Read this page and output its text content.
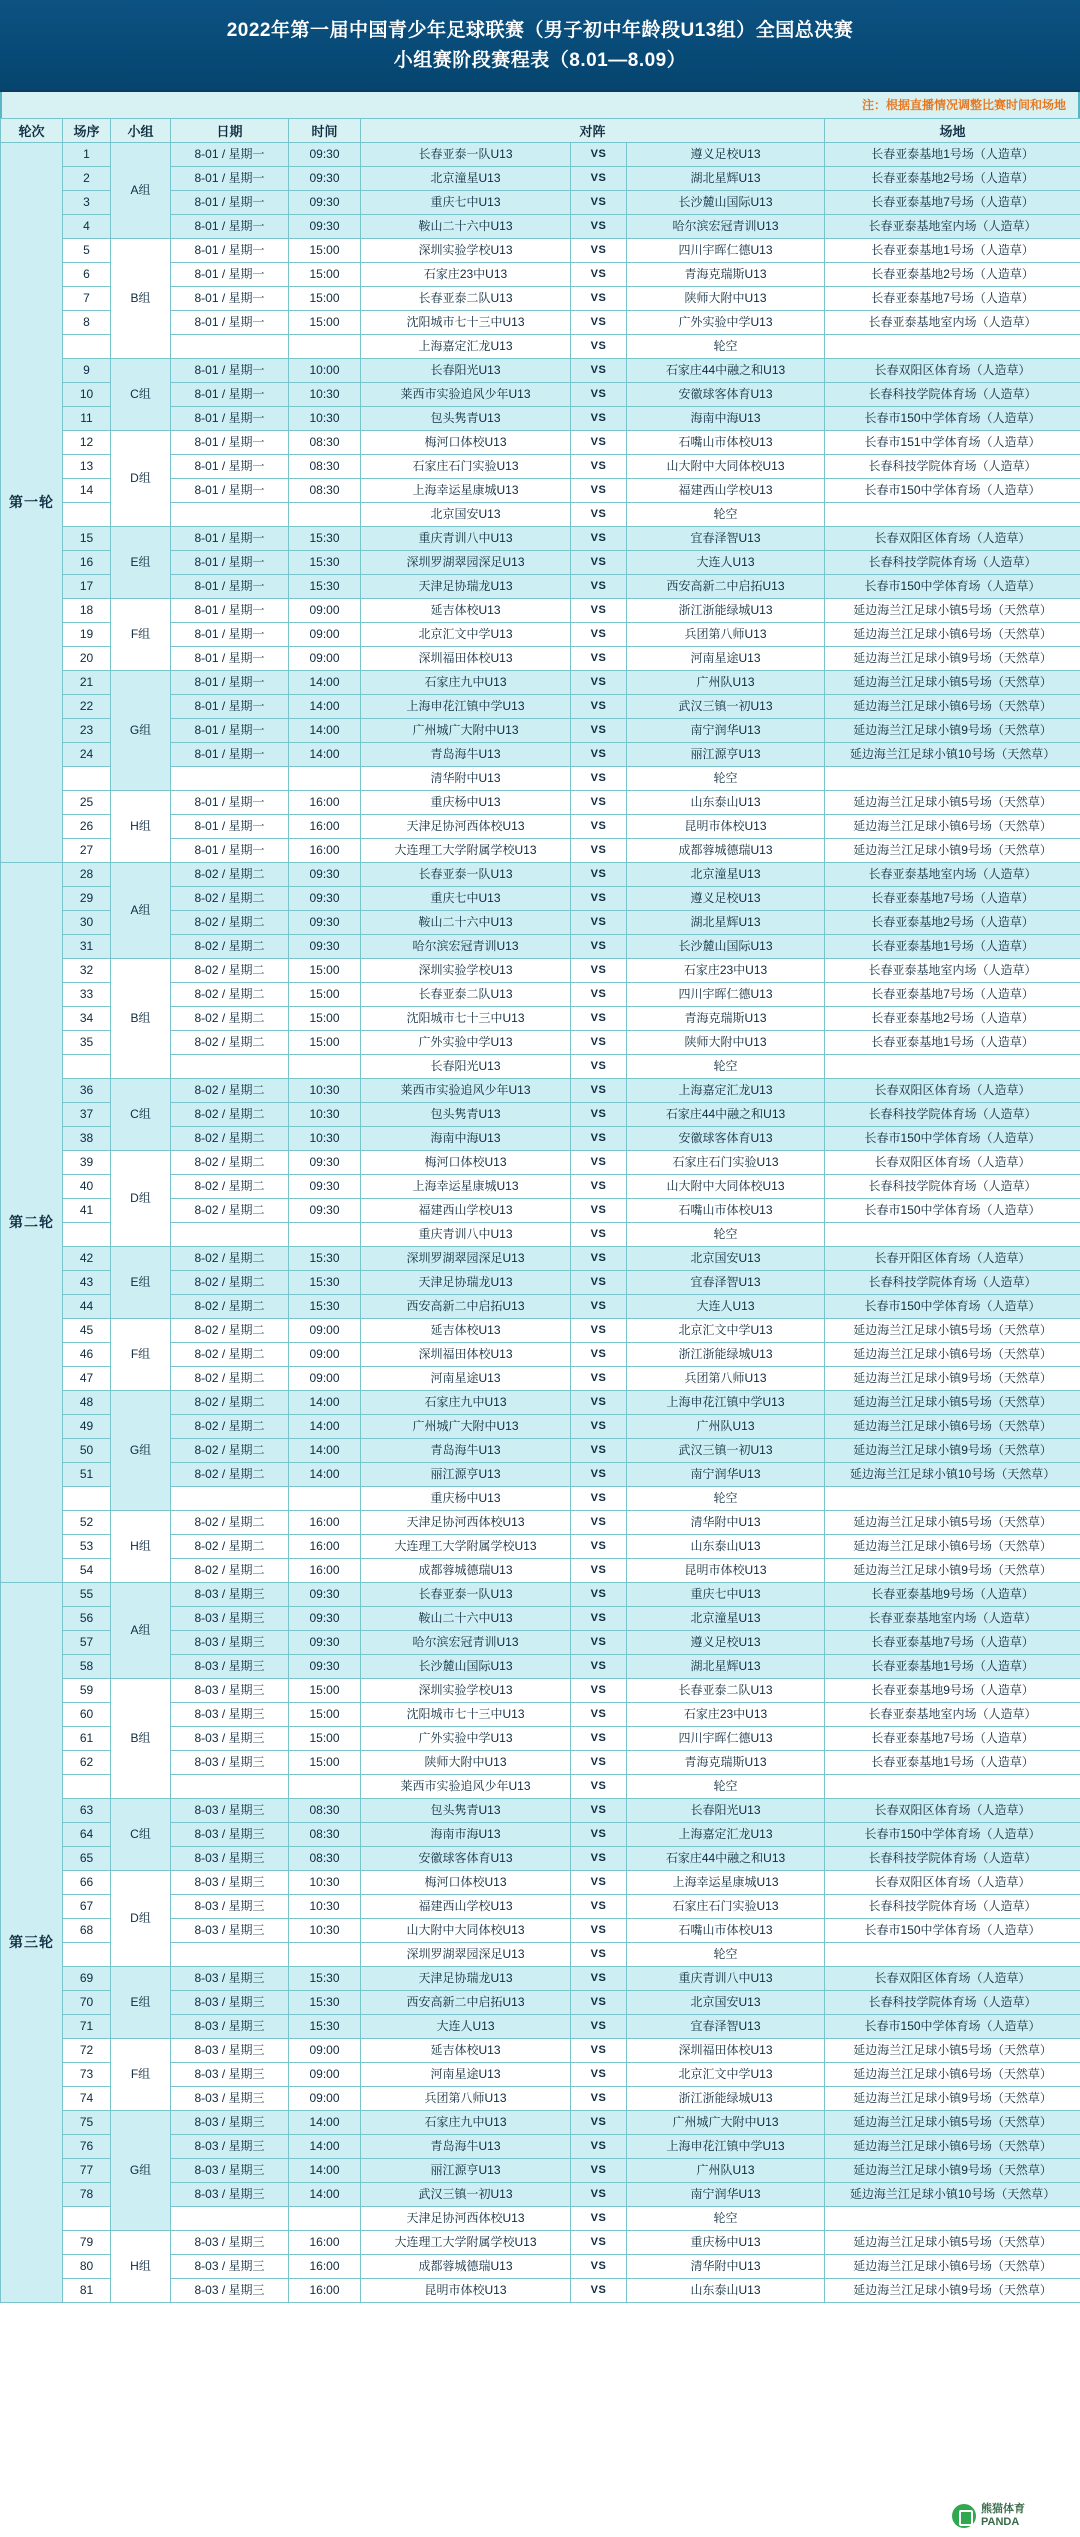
2022年第一届中国青少年足球联赛（男子初中年龄段U13组）全国总决赛
小组赛阶段赛程表（8.01—8.09）
注：根据直播情况调整比赛时间和场地
轮次	场序	小组	日期	时间	对阵			场地
第一轮	1	A组	8-01 / 星期一	09:30	长春亚泰一队U13	VS	遵义足校U13	长春亚泰基地1号场（人造草）
	2		8-01 / 星期一	09:30	北京潼星U13	VS	湖北星辉U13	长春亚泰基地2号场（人造草）
	3		8-01 / 星期一	09:30	重庆七中U13	VS	长沙麓山国际U13	长春亚泰基地7号场（人造草）
	4		8-01 / 星期一	09:30	鞍山二十六中U13	VS	哈尔滨宏冠青训U13	长春亚泰基地室内场（人造草）
	5	B组	8-01 / 星期一	15:00	深圳实验学校U13	VS	四川宇晖仁德U13	长春亚泰基地1号场（人造草）
	6		8-01 / 星期一	15:00	石家庄23中U13	VS	青海克瑞斯U13	长春亚泰基地2号场（人造草）
	7		8-01 / 星期一	15:00	长春亚泰二队U13	VS	陕师大附中U13	长春亚泰基地7号场（人造草）
	8		8-01 / 星期一	15:00	沈阳城市七十三中U13	VS	广外实验中学U13	长春亚泰基地室内场（人造草）
					上海嘉定汇龙U13	VS	轮空	
	9	C组	8-01 / 星期一	10:00	长春阳光U13	VS	石家庄44中融之和U13	长春双阳区体育场（人造草）
	10		8-01 / 星期一	10:30	莱西市实验追风少年U13	VS	安徽球客体育U13	长春科技学院体育场（人造草）
	11		8-01 / 星期一	10:30	包头隽青U13	VS	海南中海U13	长春市150中学体育场（人造草）
	12	D组	8-01 / 星期一	08:30	梅河口体校U13	VS	石嘴山市体校U13	长春市151中学体育场（人造草）
	13		8-01 / 星期一	08:30	石家庄石门实验U13	VS	山大附中大同体校U13	长春科技学院体育场（人造草）
	14		8-01 / 星期一	08:30	上海幸运星康城U13	VS	福建西山学校U13	长春市150中学体育场（人造草）
					北京国安U13	VS	轮空	
	15	E组	8-01 / 星期一	15:30	重庆青训八中U13	VS	宜春泽智U13	长春双阳区体育场（人造草）
	16		8-01 / 星期一	15:30	深圳罗湖翠园深足U13	VS	大连人U13	长春科技学院体育场（人造草）
	17		8-01 / 星期一	15:30	天津足协瑞龙U13	VS	西安高新二中启拓U13	长春市150中学体育场（人造草）
	18	F组	8-01 / 星期一	09:00	延吉体校U13	VS	浙江浙能绿城U13	延边海兰江足球小镇5号场（天然草）
	19		8-01 / 星期一	09:00	北京汇文中学U13	VS	兵团第八师U13	延边海兰江足球小镇6号场（天然草）
	20		8-01 / 星期一	09:00	深圳福田体校U13	VS	河南星途U13	延边海兰江足球小镇9号场（天然草）
	21	G组	8-01 / 星期一	14:00	石家庄九中U13	VS	广州队U13	延边海兰江足球小镇5号场（天然草）
	22		8-01 / 星期一	14:00	上海申花江镇中学U13	VS	武汉三镇一初U13	延边海兰江足球小镇6号场（天然草）
	23		8-01 / 星期一	14:00	广州城广大附中U13	VS	南宁润华U13	延边海兰江足球小镇9号场（天然草）
	24		8-01 / 星期一	14:00	青岛海牛U13	VS	丽江源亨U13	延边海兰江足球小镇10号场（天然草）
					清华附中U13	VS	轮空	
	25	H组	8-01 / 星期一	16:00	重庆杨中U13	VS	山东泰山U13	延边海兰江足球小镇5号场（天然草）
	26		8-01 / 星期一	16:00	天津足协河西体校U13	VS	昆明市体校U13	延边海兰江足球小镇6号场（天然草）
	27		8-01 / 星期一	16:00	大连理工大学附属学校U13	VS	成都蓉城德瑞U13	延边海兰江足球小镇9号场（天然草）
第二轮	28	A组	8-02 / 星期二	09:30	长春亚泰一队U13	VS	北京潼星U13	长春亚泰基地室内场（人造草）
	29		8-02 / 星期二	09:30	重庆七中U13	VS	遵义足校U13	长春亚泰基地7号场（人造草）
	30		8-02 / 星期二	09:30	鞍山二十六中U13	VS	湖北星辉U13	长春亚泰基地2号场（人造草）
	31		8-02 / 星期二	09:30	哈尔滨宏冠青训U13	VS	长沙麓山国际U13	长春亚泰基地1号场（人造草）
	32	B组	8-02 / 星期二	15:00	深圳实验学校U13	VS	石家庄23中U13	长春亚泰基地室内场（人造草）
	33		8-02 / 星期二	15:00	长春亚泰二队U13	VS	四川宇晖仁德U13	长春亚泰基地7号场（人造草）
	34		8-02 / 星期二	15:00	沈阳城市七十三中U13	VS	青海克瑞斯U13	长春亚泰基地2号场（人造草）
	35		8-02 / 星期二	15:00	广外实验中学U13	VS	陕师大附中U13	长春亚泰基地1号场（人造草）
					长春阳光U13	VS	轮空	
	36	C组	8-02 / 星期二	10:30	莱西市实验追风少年U13	VS	上海嘉定汇龙U13	长春双阳区体育场（人造草）
	37		8-02 / 星期二	10:30	包头隽青U13	VS	石家庄44中融之和U13	长春科技学院体育场（人造草）
	38		8-02 / 星期二	10:30	海南中海U13	VS	安徽球客体育U13	长春市150中学体育场（人造草）
	39	D组	8-02 / 星期二	09:30	梅河口体校U13	VS	石家庄石门实验U13	长春双阳区体育场（人造草）
	40		8-02 / 星期二	09:30	上海幸运星康城U13	VS	山大附中大同体校U13	长春科技学院体育场（人造草）
	41		8-02 / 星期二	09:30	福建西山学校U13	VS	石嘴山市体校U13	长春市150中学体育场（人造草）
					重庆青训八中U13	VS	轮空	
	42	E组	8-02 / 星期二	15:30	深圳罗湖翠园深足U13	VS	北京国安U13	长春开阳区体育场（人造草）
	43		8-02 / 星期二	15:30	天津足协瑞龙U13	VS	宜春泽智U13	长春科技学院体育场（人造草）
	44		8-02 / 星期二	15:30	西安高新二中启拓U13	VS	大连人U13	长春市150中学体育场（人造草）
	45	F组	8-02 / 星期二	09:00	延吉体校U13	VS	北京汇文中学U13	延边海兰江足球小镇5号场（天然草）
	46		8-02 / 星期二	09:00	深圳福田体校U13	VS	浙江浙能绿城U13	延边海兰江足球小镇6号场（天然草）
	47		8-02 / 星期二	09:00	河南星途U13	VS	兵团第八师U13	延边海兰江足球小镇9号场（天然草）
	48	G组	8-02 / 星期二	14:00	石家庄九中U13	VS	上海申花江镇中学U13	延边海兰江足球小镇5号场（天然草）
	49		8-02 / 星期二	14:00	广州城广大附中U13	VS	广州队U13	延边海兰江足球小镇6号场（天然草）
	50		8-02 / 星期二	14:00	青岛海牛U13	VS	武汉三镇一初U13	延边海兰江足球小镇9号场（天然草）
	51		8-02 / 星期二	14:00	丽江源亨U13	VS	南宁润华U13	延边海兰江足球小镇10号场（天然草）
					重庆杨中U13	VS	轮空	
	52	H组	8-02 / 星期二	16:00	天津足协河西体校U13	VS	清华附中U13	延边海兰江足球小镇5号场（天然草）
	53		8-02 / 星期二	16:00	大连理工大学附属学校U13	VS	山东泰山U13	延边海兰江足球小镇6号场（天然草）
	54		8-02 / 星期二	16:00	成都蓉城德瑞U13	VS	昆明市体校U13	延边海兰江足球小镇9号场（天然草）
第三轮	55	A组	8-03 / 星期三	09:30	长春亚泰一队U13	VS	重庆七中U13	长春亚泰基地9号场（人造草）
	56		8-03 / 星期三	09:30	鞍山二十六中U13	VS	北京潼星U13	长春亚泰基地室内场（人造草）
	57		8-03 / 星期三	09:30	哈尔滨宏冠青训U13	VS	遵义足校U13	长春亚泰基地7号场（人造草）
	58		8-03 / 星期三	09:30	长沙麓山国际U13	VS	湖北星辉U13	长春亚泰基地1号场（人造草）
	59	B组	8-03 / 星期三	15:00	深圳实验学校U13	VS	长春亚泰二队U13	长春亚泰基地9号场（人造草）
	60		8-03 / 星期三	15:00	沈阳城市七十三中U13	VS	石家庄23中U13	长春亚泰基地室内场（人造草）
	61		8-03 / 星期三	15:00	广外实验中学U13	VS	四川宇晖仁德U13	长春亚泰基地7号场（人造草）
	62		8-03 / 星期三	15:00	陕师大附中U13	VS	青海克瑞斯U13	长春亚泰基地1号场（人造草）
					莱西市实验追风少年U13	VS	轮空	
	63	C组	8-03 / 星期三	08:30	包头隽青U13	VS	长春阳光U13	长春双阳区体育场（人造草）
	64		8-03 / 星期三	08:30	海南市海U13	VS	上海嘉定汇龙U13	长春市150中学体育场（人造草）
	65		8-03 / 星期三	08:30	安徽球客体育U13	VS	石家庄44中融之和U13	长春科技学院体育场（人造草）
	66	D组	8-03 / 星期三	10:30	梅河口体校U13	VS	上海幸运星康城U13	长春双阳区体育场（人造草）
	67		8-03 / 星期三	10:30	福建西山学校U13	VS	石家庄石门实验U13	长春科技学院体育场（人造草）
	68		8-03 / 星期三	10:30	山大附中大同体校U13	VS	石嘴山市体校U13	长春市150中学体育场（人造草）
					深圳罗湖翠园深足U13	VS	轮空	
	69	E组	8-03 / 星期三	15:30	天津足协瑞龙U13	VS	重庆青训八中U13	长春双阳区体育场（人造草）
	70		8-03 / 星期三	15:30	西安高新二中启拓U13	VS	北京国安U13	长春科技学院体育场（人造草）
	71		8-03 / 星期三	15:30	大连人U13	VS	宜春泽智U13	长春市150中学体育场（人造草）
	72	F组	8-03 / 星期三	09:00	延吉体校U13	VS	深圳福田体校U13	延边海兰江足球小镇5号场（天然草）
	73		8-03 / 星期三	09:00	河南星途U13	VS	北京汇文中学U13	延边海兰江足球小镇6号场（天然草）
	74		8-03 / 星期三	09:00	兵团第八师U13	VS	浙江浙能绿城U13	延边海兰江足球小镇9号场（天然草）
	75	G组	8-03 / 星期三	14:00	石家庄九中U13	VS	广州城广大附中U13	延边海兰江足球小镇5号场（天然草）
	76		8-03 / 星期三	14:00	青岛海牛U13	VS	上海申花江镇中学U13	延边海兰江足球小镇6号场（天然草）
	77		8-03 / 星期三	14:00	丽江源亨U13	VS	广州队U13	延边海兰江足球小镇9号场（天然草）
	78		8-03 / 星期三	14:00	武汉三镇一初U13	VS	南宁润华U13	延边海兰江足球小镇10号场（天然草）
					天津足协河西体校U13	VS	轮空	
	79	H组	8-03 / 星期三	16:00	大连理工大学附属学校U13	VS	重庆杨中U13	延边海兰江足球小镇5号场（天然草）
	80		8-03 / 星期三	16:00	成都蓉城德瑞U13	VS	清华附中U13	延边海兰江足球小镇6号场（天然草）
	81		8-03 / 星期三	16:00	昆明市体校U13	VS	山东泰山U13	延边海兰江足球小镇9号场（天然草）
熊猫体育
PANDA
